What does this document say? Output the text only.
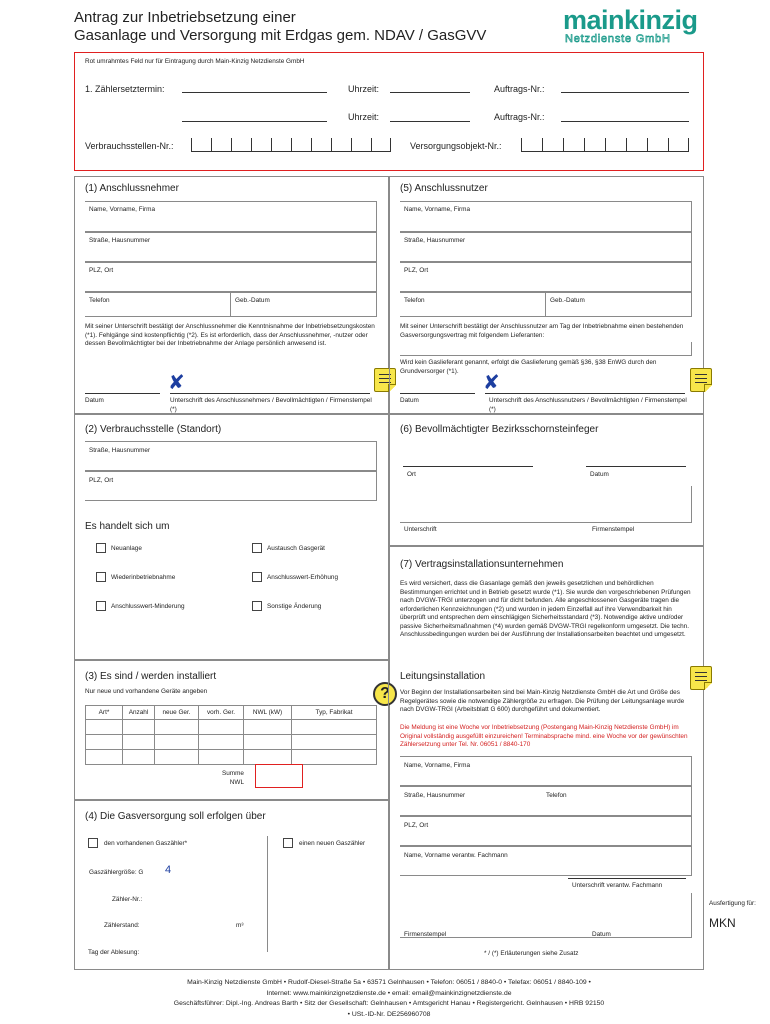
Antrag zur Inbetriebsetzung einer
Gasanlage und Versorgung mit Erdgas gem. NDAV / GasGVV
mainkinzig
Netzdienste GmbH
Rot umrahmtes Feld nur für Eintragung durch Main-Kinzig Netzdienste GmbH
1. Zählersetztermin:	Uhrzeit:	Auftrags-Nr.:
Uhrzeit:	Auftrags-Nr.:
Verbrauchsstellen-Nr.:	Versorgungsobjekt-Nr.:
(1) Anschlussnehmer
Name, Vorname, Firma
Straße, Hausnummer
PLZ, Ort
Telefon	Geb.-Datum
Mit seiner Unterschrift bestätigt der Anschlussnehmer die Kenntnisnahme der Inbetriebsetzungskosten (*1). Fehlgänge sind kostenpflichtig (*2). Es ist erforderlich, dass der Anschlussnehmer, -nutzer oder dessen Bevollmächtigter bei der Inbetriebnahme der Anlage persönlich anwesend ist.
✘
Datum	Unterschrift des Anschlussnehmers / Bevollmächtigten / Firmenstempel (*)
(5) Anschlussnutzer
Name, Vorname, Firma
Straße, Hausnummer
PLZ, Ort
Telefon	Geb.-Datum
Mit seiner Unterschrift bestätigt der Anschlussnutzer am Tag der Inbetriebnahme einen bestehenden Gasversorgungsvertrag mit folgendem Lieferanten:
Wird kein Gaslieferant genannt, erfolgt die Gaslieferung gemäß §36, §38 EnWG durch den Grundversorger (*1).	✘
Datum	Unterschrift des Anschlussnutzers / Bevollmächtigten / Firmenstempel (*)
(2) Verbrauchsstelle (Standort)
Straße, Hausnummer
PLZ, Ort
Es handelt sich um
Neuanlage	Austausch Gasgerät
Wiederinbetriebnahme	Anschlusswert-Erhöhung
Anschlusswert-Minderung	Sonstige Änderung
(6) Bevollmächtigter Bezirksschornsteinfeger
Ort	Datum
Unterschrift	Firmenstempel
(7) Vertragsinstallationsunternehmen
Es wird versichert, dass die Gasanlage gemäß den jeweils gesetzlichen und behördlichen Bestimmungen errichtet und in Betrieb gesetzt wurde (*1). Sie wurde den vorgeschriebenen Prüfungen nach DVGW-TRGI unterzogen und für dicht befunden. Alle angeschlossenen Gasgeräte tragen die erforderlichen Kennzeichnungen (*2) und wurden in jedem Einzelfall auf ihre Verwendbarkeit hin überprüft und entsprechen dem einschlägigen Sicherheitsstandard (*3). Notwendige aktive und/oder passive Sicherheitsmaßnahmen (*4) wurden gemäß DVGW-TRGI regelkonform umgesetzt. Die techn. Anschlussbedingungen wurden bei der Ausführung der Installationsarbeiten beachtet und umgesetzt.
Leitungsinstallation
?	Vor Beginn der Installationsarbeiten sind bei Main-Kinzig Netzdienste GmbH die Art und Größe des Regelgerätes sowie die notwendige Zählergröße zu erfragen. Die Prüfung der Leitungsanlage wurde nach DVGW-TRGI (Arbeitsblatt G 600) durchgeführt und dokumentiert.
Die Meldung ist eine Woche vor Inbetriebsetzung (Postengang Main-Kinzig Netzdienste GmbH) im Original vollständig ausgefüllt einzureichen! Terminabsprache mind. eine Woche vor der gewünschten Zählersetzung unter Tel. Nr. 06051 / 8840-170
Name, Vorname, Firma
Straße, Hausnummer	Telefon
PLZ, Ort
Name, Vorname verantw. Fachmann
Unterschrift verantw. Fachmann
Firmenstempel	Datum
* / (*) Erläuterungen siehe Zusatz
(3) Es sind / werden installiert
Nur neue und vorhandene Geräte angeben
Art*	Anzahl	neue Ger.	vorh. Ger.	NWL (kW)	Typ, Fabrikat

Summe
NWL
(4) Die Gasversorgung soll erfolgen über
den vorhandenen Gaszähler*	einen neuen Gaszähler
Gaszählergröße: G 4
Zähler-Nr.:
Zählerstand:	m³
Tag der Ablesung:
Ausfertigung für:
MKN
Main-Kinzig Netzdienste GmbH • Rudolf-Diesel-Straße 5a • 63571 Gelnhausen • Telefon: 06051 / 8840-0 • Telefax: 06051 / 8840-109 •
Internet: www.mainkinzignetzdienste.de • email: email@mainkinzignetzdienste.de
Geschäftsführer: Dipl.-Ing. Andreas Barth • Sitz der Gesellschaft: Gelnhausen • Amtsgericht Hanau • Registergericht. Gelnhausen • HRB 92150
• USt.-ID-Nr. DE256960708
